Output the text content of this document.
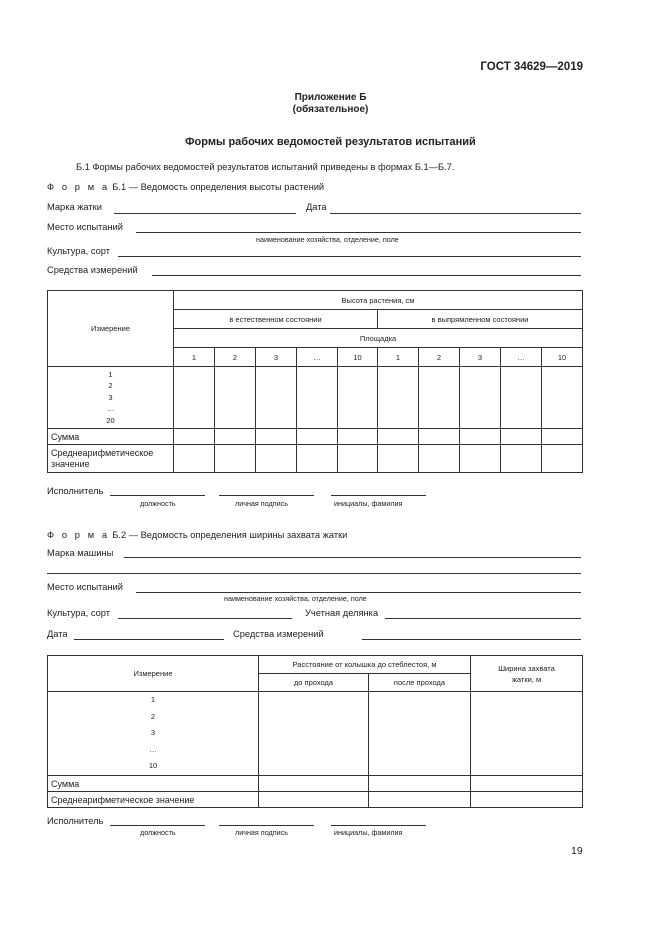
ГОСТ 34629—2019
Приложение Б
(обязательное)
Формы рабочих ведомостей результатов испытаний
Б.1 Формы рабочих ведомостей результатов испытаний приведены в формах Б.1—Б.7.
Ф о р м а Б.1 — Ведомость определения высоты растений
Марка жатки	Дата
Место испытаний
наименование хозяйства, отделение, поле
Культура, сорт
Средства измерений
Измерение	Высота растения, см									
	в естественном состоянии					в выпрямленном состоянии				
	Площадка									
	1	2	3	…	10	1	2	3	…	10

1
2
3
…
20										

Сумма										
Среднеарифметическое значение										
Исполнитель
должность	личная подпись	инициалы, фамилия
Ф о р м а Б.2 — Ведомость определения ширины захвата жатки
Марка машины
Место испытаний
наименование хозяйства, отделение, поле
Культура, сорт	Учетная делянка
Дата	Средства измерений
Измерение	Расстояние от колышка до стеблестоя, м		Ширина захвата жатки, м
	до прохода	после прохода	

1
2
3
…
10			

Сумма			
Среднеарифметическое значение			
Исполнитель
должность	личная подпись	инициалы, фамилия
19
